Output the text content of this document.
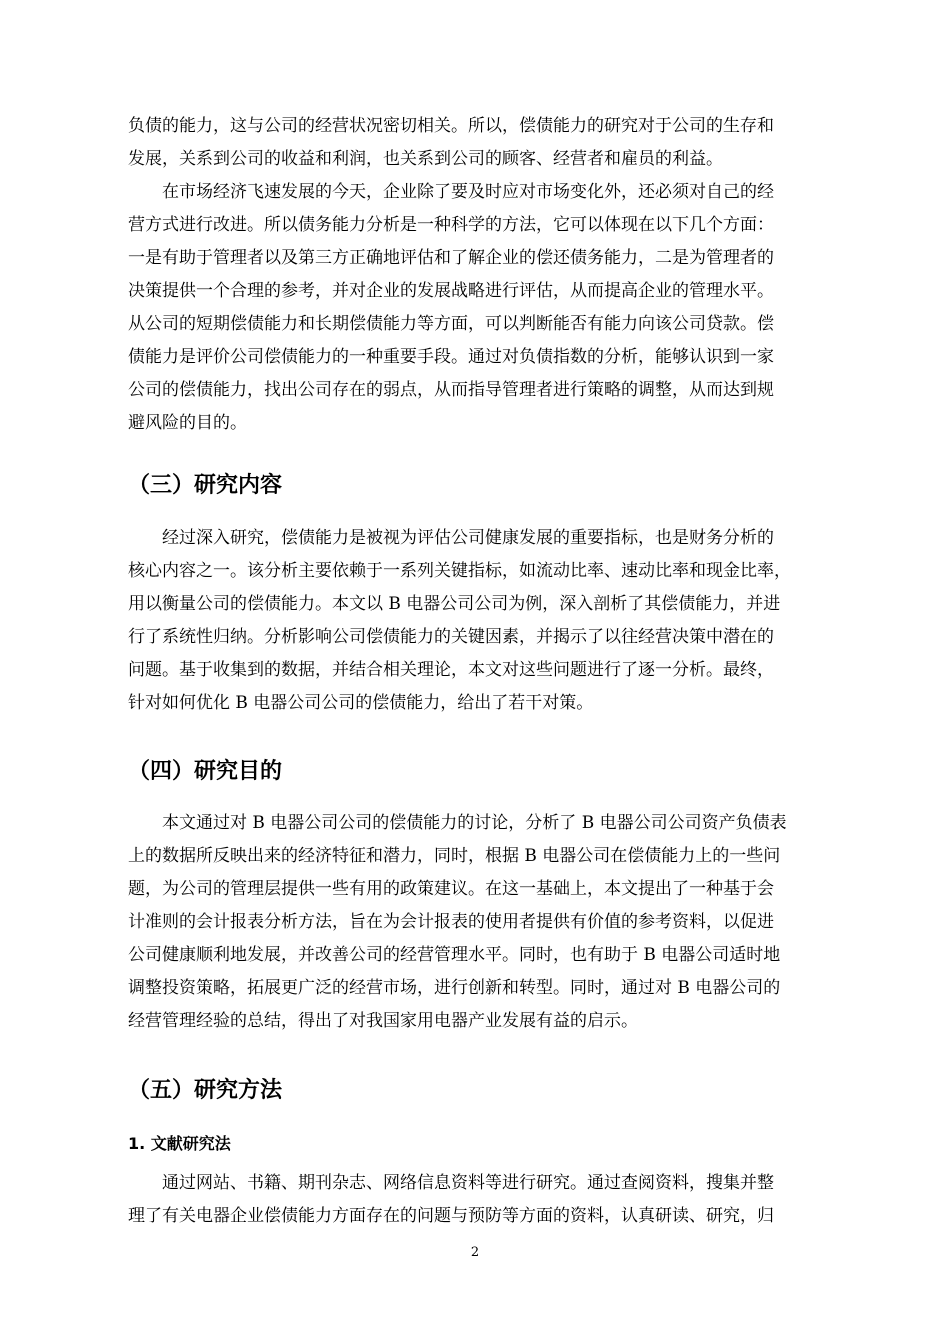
负债的能力，这与公司的经营状况密切相关。所以，偿债能力的研究对于公司的生存和
发展，关系到公司的收益和利润，也关系到公司的顾客、经营者和雇员的利益。
　　在市场经济飞速发展的今天，企业除了要及时应对市场变化外，还必须对自己的经
营方式进行改进。所以债务能力分析是一种科学的方法，它可以体现在以下几个方面：
一是有助于管理者以及第三方正确地评估和了解企业的偿还债务能力，二是为管理者的
决策提供一个合理的参考，并对企业的发展战略进行评估，从而提高企业的管理水平。
从公司的短期偿债能力和长期偿债能力等方面，可以判断能否有能力向该公司贷款。偿
债能力是评价公司偿债能力的一种重要手段。通过对负债指数的分析，能够认识到一家
公司的偿债能力，找出公司存在的弱点，从而指导管理者进行策略的调整，从而达到规
避风险的目的。
（三）研究内容
　　经过深入研究，偿债能力是被视为评估公司健康发展的重要指标，也是财务分析的
核心内容之一。该分析主要依赖于一系列关键指标，如流动比率、速动比率和现金比率，
用以衡量公司的偿债能力。本文以 B 电器公司公司为例，深入剖析了其偿债能力，并进
行了系统性归纳。分析影响公司偿债能力的关键因素，并揭示了以往经营决策中潜在的
问题。基于收集到的数据，并结合相关理论，本文对这些问题进行了逐一分析。最终，
针对如何优化 B 电器公司公司的偿债能力，给出了若干对策。
（四）研究目的
　　本文通过对 B 电器公司公司的偿债能力的讨论，分析了 B 电器公司公司资产负债表
上的数据所反映出来的经济特征和潜力，同时，根据 B 电器公司在偿债能力上的一些问
题，为公司的管理层提供一些有用的政策建议。在这一基础上，本文提出了一种基于会
计准则的会计报表分析方法，旨在为会计报表的使用者提供有价值的参考资料，以促进
公司健康顺利地发展，并改善公司的经营管理水平。同时，也有助于 B 电器公司适时地
调整投资策略，拓展更广泛的经营市场，进行创新和转型。同时，通过对 B 电器公司的
经营管理经验的总结，得出了对我国家用电器产业发展有益的启示。
（五）研究方法
1. 文献研究法
　　通过网站、书籍、期刊杂志、网络信息资料等进行研究。通过查阅资料，搜集并整
理了有关电器企业偿债能力方面存在的问题与预防等方面的资料，认真研读、研究，归
2
